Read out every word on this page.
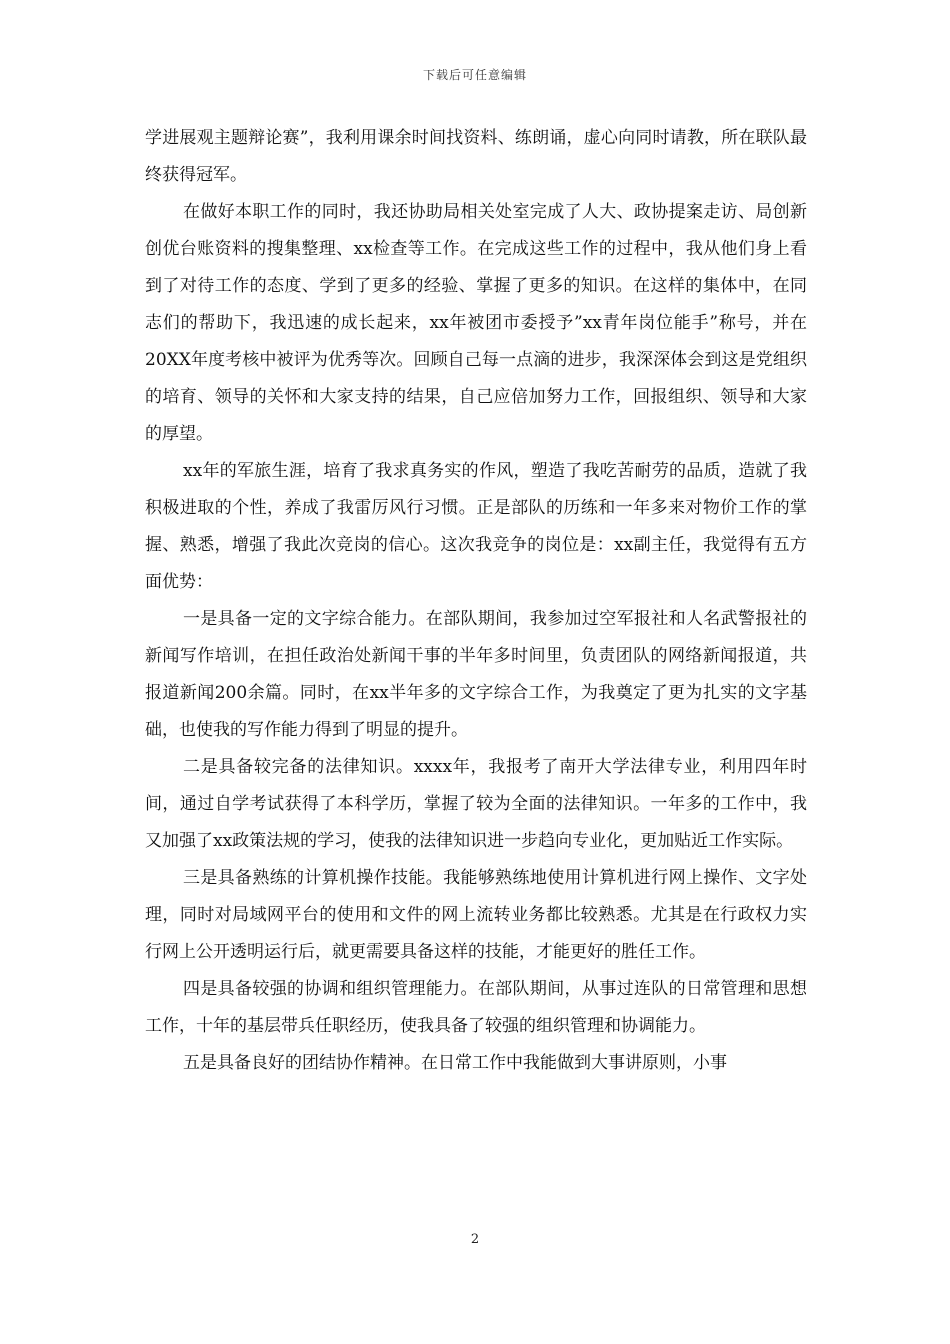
下载后可任意编辑

学进展观主题辩论赛”，我利用课余时间找资料、练朗诵，虚心向同时请教，所在联队最终获得冠军。

在做好本职工作的同时，我还协助局相关处室完成了人大、政协提案走访、局创新创优台账资料的搜集整理、xx检查等工作。在完成这些工作的过程中，我从他们身上看到了对待工作的态度、学到了更多的经验、掌握了更多的知识。在这样的集体中，在同志们的帮助下，我迅速的成长起来，xx年被团市委授予”xx青年岗位能手”称号，并在20XX年度考核中被评为优秀等次。回顾自己每一点滴的进步，我深深体会到这是党组织的培育、领导的关怀和大家支持的结果，自己应倍加努力工作，回报组织、领导和大家的厚望。

xx年的军旅生涯，培育了我求真务实的作风，塑造了我吃苦耐劳的品质，造就了我积极进取的个性，养成了我雷厉风行习惯。正是部队的历练和一年多来对物价工作的掌握、熟悉，增强了我此次竞岗的信心。这次我竞争的岗位是：xx副主任，我觉得有五方面优势：

一是具备一定的文字综合能力。在部队期间，我参加过空军报社和人名武警报社的新闻写作培训，在担任政治处新闻干事的半年多时间里，负责团队的网络新闻报道，共报道新闻200余篇。同时，在xx半年多的文字综合工作，为我奠定了更为扎实的文字基础，也使我的写作能力得到了明显的提升。

二是具备较完备的法律知识。xxxx年，我报考了南开大学法律专业，利用四年时间，通过自学考试获得了本科学历，掌握了较为全面的法律知识。一年多的工作中，我又加强了xx政策法规的学习，使我的法律知识进一步趋向专业化，更加贴近工作实际。

三是具备熟练的计算机操作技能。我能够熟练地使用计算机进行网上操作、文字处理，同时对局域网平台的使用和文件的网上流转业务都比较熟悉。尤其是在行政权力实行网上公开透明运行后，就更需要具备这样的技能，才能更好的胜任工作。

四是具备较强的协调和组织管理能力。在部队期间，从事过连队的日常管理和思想工作，十年的基层带兵任职经历，使我具备了较强的组织管理和协调能力。

五是具备良好的团结协作精神。在日常工作中我能做到大事讲原则，小事

2
